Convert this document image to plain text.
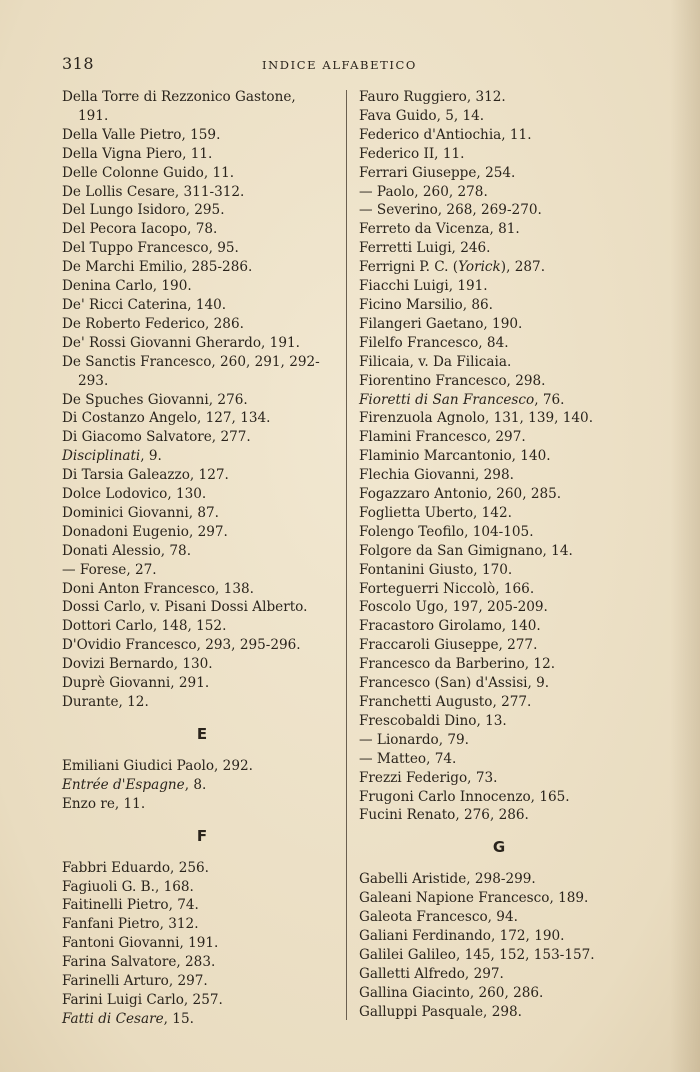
318	INDICE ALFABETICO
Della Torre di Rezzonico Gastone,
191.
Della Valle Pietro, 159.
Della Vigna Piero, 11.
Delle Colonne Guido, 11.
De Lollis Cesare, 311-312.
Del Lungo Isidoro, 295.
Del Pecora Iacopo, 78.
Del Tuppo Francesco, 95.
De Marchi Emilio, 285-286.
Denina Carlo, 190.
De' Ricci Caterina, 140.
De Roberto Federico, 286.
De' Rossi Giovanni Gherardo, 191.
De Sanctis Francesco, 260, 291, 292-
293.
De Spuches Giovanni, 276.
Di Costanzo Angelo, 127, 134.
Di Giacomo Salvatore, 277.
Disciplinati, 9.
Di Tarsia Galeazzo, 127.
Dolce Lodovico, 130.
Dominici Giovanni, 87.
Donadoni Eugenio, 297.
Donati Alessio, 78.
— Forese, 27.
Doni Anton Francesco, 138.
Dossi Carlo, v. Pisani Dossi Alberto.
Dottori Carlo, 148, 152.
D'Ovidio Francesco, 293, 295-296.
Dovizi Bernardo, 130.
Duprè Giovanni, 291.
Durante, 12.
E
Emiliani Giudici Paolo, 292.
Entrée d'Espagne, 8.
Enzo re, 11.
F
Fabbri Eduardo, 256.
Fagiuoli G. B., 168.
Faitinelli Pietro, 74.
Fanfani Pietro, 312.
Fantoni Giovanni, 191.
Farina Salvatore, 283.
Farinelli Arturo, 297.
Farini Luigi Carlo, 257.
Fatti di Cesare, 15.
Fauro Ruggiero, 312.
Fava Guido, 5, 14.
Federico d'Antiochia, 11.
Federico II, 11.
Ferrari Giuseppe, 254.
— Paolo, 260, 278.
— Severino, 268, 269-270.
Ferreto da Vicenza, 81.
Ferretti Luigi, 246.
Ferrigni P. C. (Yorick), 287.
Fiacchi Luigi, 191.
Ficino Marsilio, 86.
Filangeri Gaetano, 190.
Filelfo Francesco, 84.
Filicaia, v. Da Filicaia.
Fiorentino Francesco, 298.
Fioretti di San Francesco, 76.
Firenzuola Agnolo, 131, 139, 140.
Flamini Francesco, 297.
Flaminio Marcantonio, 140.
Flechia Giovanni, 298.
Fogazzaro Antonio, 260, 285.
Foglietta Uberto, 142.
Folengo Teofilo, 104-105.
Folgore da San Gimignano, 14.
Fontanini Giusto, 170.
Forteguerri Niccolò, 166.
Foscolo Ugo, 197, 205-209.
Fracastoro Girolamo, 140.
Fraccaroli Giuseppe, 277.
Francesco da Barberino, 12.
Francesco (San) d'Assisi, 9.
Franchetti Augusto, 277.
Frescobaldi Dino, 13.
— Lionardo, 79.
— Matteo, 74.
Frezzi Federigo, 73.
Frugoni Carlo Innocenzo, 165.
Fucini Renato, 276, 286.
G
Gabelli Aristide, 298-299.
Galeani Napione Francesco, 189.
Galeota Francesco, 94.
Galiani Ferdinando, 172, 190.
Galilei Galileo, 145, 152, 153-157.
Galletti Alfredo, 297.
Gallina Giacinto, 260, 286.
Galluppi Pasquale, 298.
